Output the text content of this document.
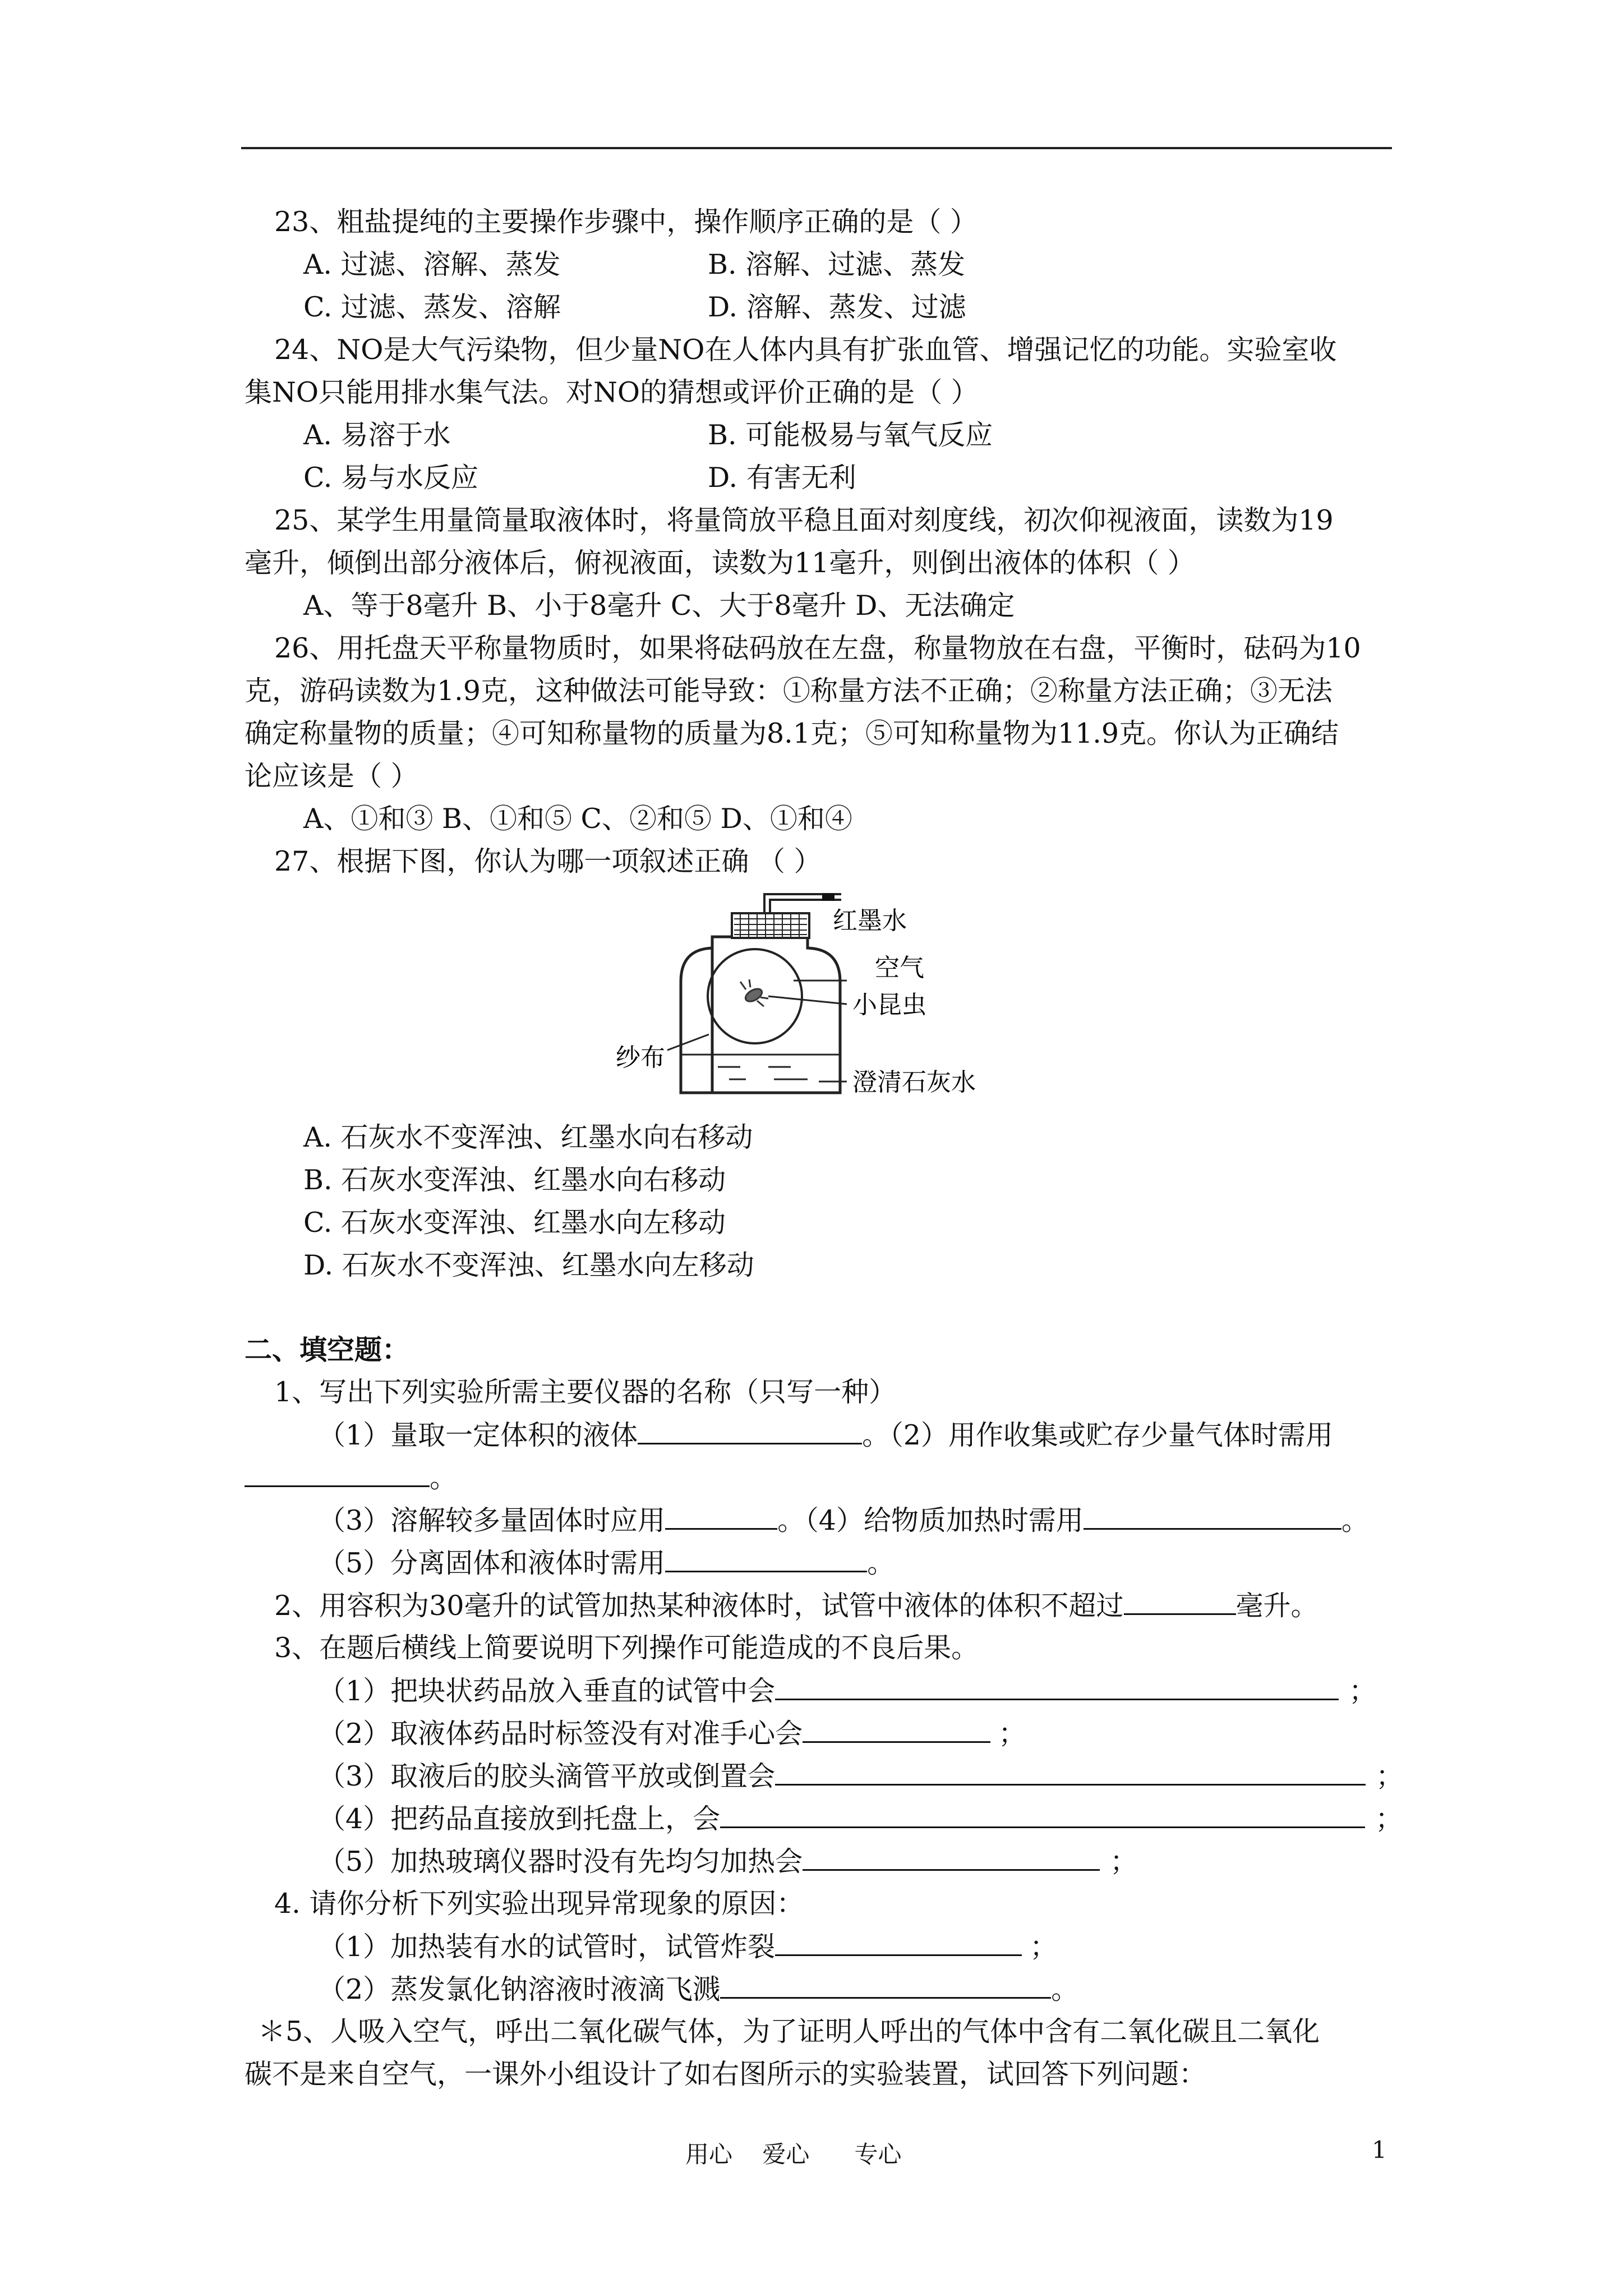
23、粗盐提纯的主要操作步骤中，操作顺序正确的是（ ）
A. 过滤、溶解、蒸发	B. 溶解、过滤、蒸发
C. 过滤、蒸发、溶解	D. 溶解、蒸发、过滤
24、NO是大气污染物，但少量NO在人体内具有扩张血管、增强记忆的功能。实验室收
集NO只能用排水集气法。对NO的猜想或评价正确的是（ ）
A. 易溶于水	B. 可能极易与氧气反应
C. 易与水反应	D. 有害无利
25、某学生用量筒量取液体时，将量筒放平稳且面对刻度线，初次仰视液面，读数为19
毫升，倾倒出部分液体后，俯视液面，读数为11毫升，则倒出液体的体积（ ）
A、等于8毫升 B、小于8毫升 C、大于8毫升 D、无法确定
26、用托盘天平称量物质时，如果将砝码放在左盘，称量物放在右盘，平衡时，砝码为10
克，游码读数为1.9克，这种做法可能导致：①称量方法不正确；②称量方法正确；③无法
确定称量物的质量；④可知称量物的质量为8.1克；⑤可知称量物为11.9克。你认为正确结
论应该是（ ）
A、①和③ B、①和⑤ C、②和⑤ D、①和④
27、根据下图，你认为哪一项叙述正确 （ ）
红墨水
空气
小昆虫
纱布
澄清石灰水
A. 石灰水不变浑浊、红墨水向右移动
B. 石灰水变浑浊、红墨水向右移动
C. 石灰水变浑浊、红墨水向左移动
D. 石灰水不变浑浊、红墨水向左移动
二、填空题：
1、写出下列实验所需主要仪器的名称（只写一种）
（1）量取一定体积的液体	。（2）用作收集或贮存少量气体时需用
。
（3）溶解较多量固体时应用	。（4）给物质加热时需用	。
（5）分离固体和液体时需用	。
2、用容积为30毫升的试管加热某种液体时，试管中液体的体积不超过	毫升。
3、在题后横线上简要说明下列操作可能造成的不良后果。
（1）把块状药品放入垂直的试管中会	；
（2）取液体药品时标签没有对准手心会	；
（3）取液后的胶头滴管平放或倒置会	；
（4）把药品直接放到托盘上，会	；
（5）加热玻璃仪器时没有先均匀加热会	；
4. 请你分析下列实验出现异常现象的原因：
（1）加热装有水的试管时，试管炸裂	；
（2）蒸发氯化钠溶液时液滴飞溅	。
＊5、人吸入空气，呼出二氧化碳气体，为了证明人呼出的气体中含有二氧化碳且二氧化
碳不是来自空气，一课外小组设计了如右图所示的实验装置，试回答下列问题：
用心    爱心      专心	1
